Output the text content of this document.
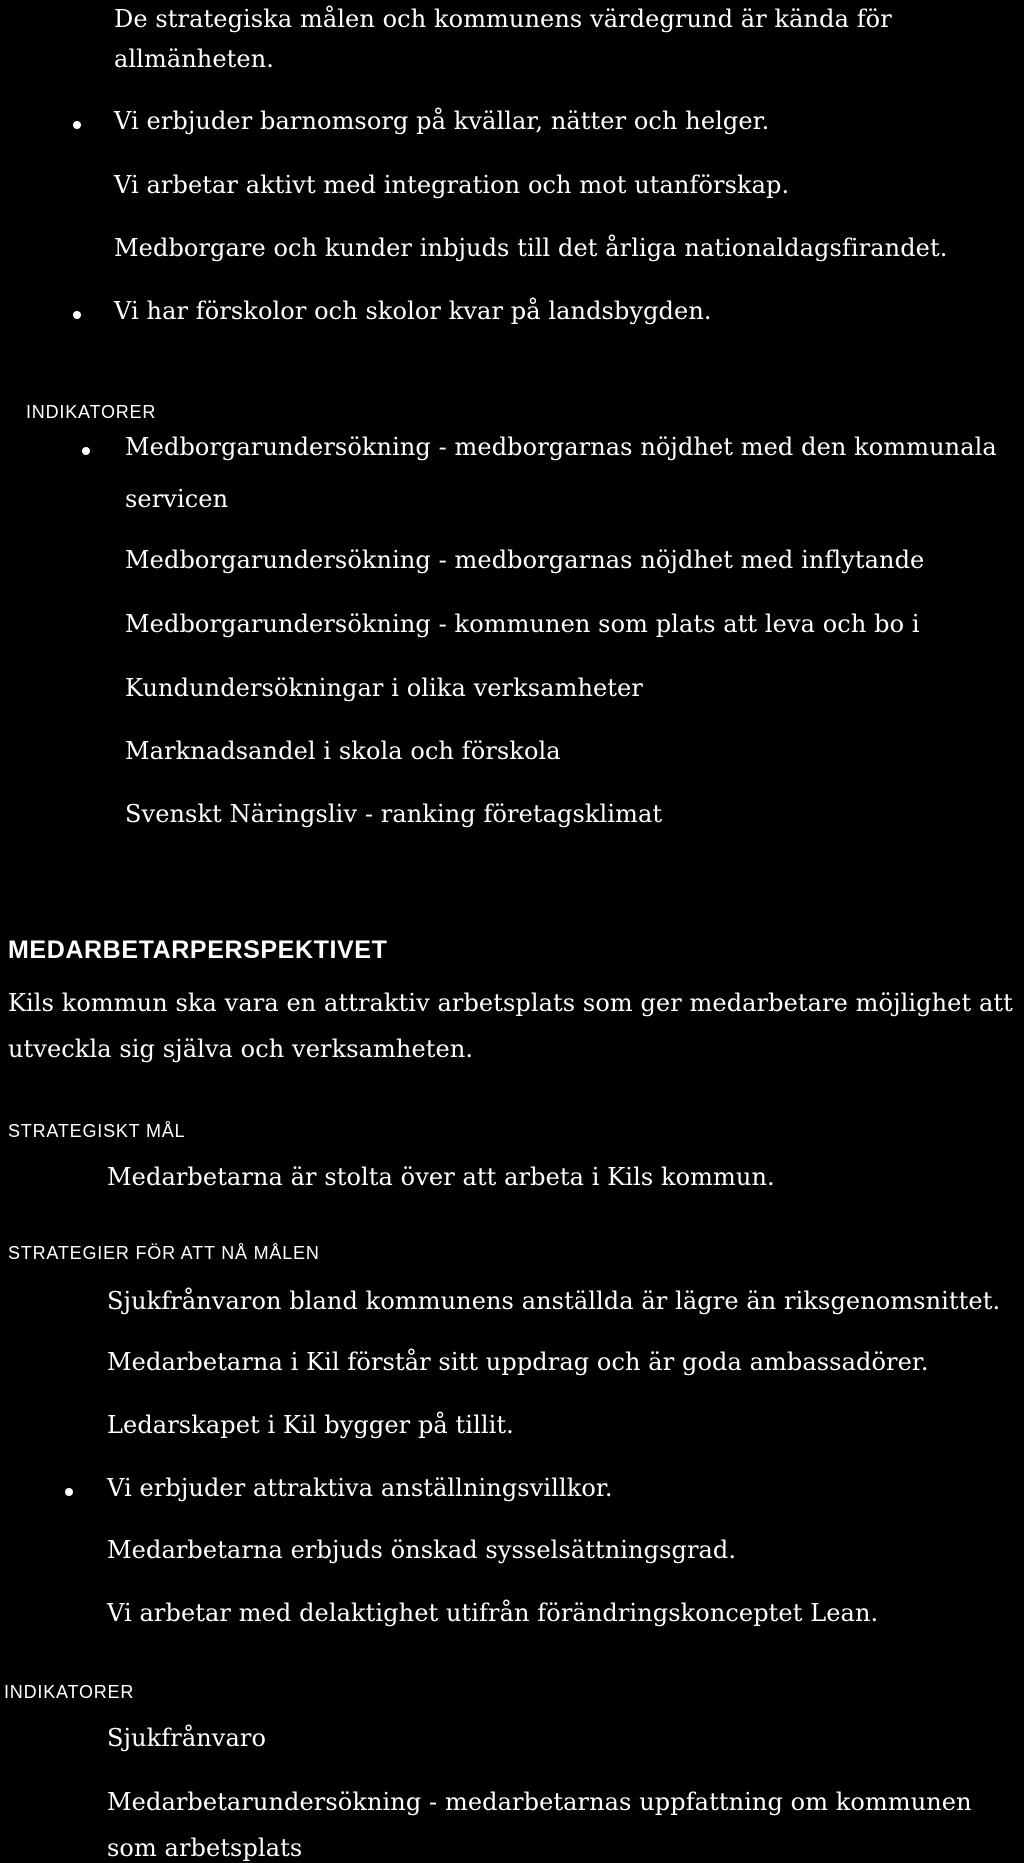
De strategiska målen och kommunens värdegrund är kända för
allmänheten.
Vi erbjuder barnomsorg på kvällar, nätter och helger.
Vi arbetar aktivt med integration och mot utanförskap.
Medborgare och kunder inbjuds till det årliga nationaldagsfirandet.
Vi har förskolor och skolor kvar på landsbygden.
INDIKATORER
Medborgarundersökning - medborgarnas nöjdhet med den kommunala
servicen
Medborgarundersökning - medborgarnas nöjdhet med inflytande
Medborgarundersökning - kommunen som plats att leva och bo i
Kundundersökningar i olika verksamheter
Marknadsandel i skola och förskola
Svenskt Näringsliv - ranking företagsklimat
MEDARBETARPERSPEKTIVET
Kils kommun ska vara en attraktiv arbetsplats som ger medarbetare möjlighet att
utveckla sig själva och verksamheten.
STRATEGISKT MÅL
Medarbetarna är stolta över att arbeta i Kils kommun.
STRATEGIER FÖR ATT NÅ MÅLEN
Sjukfrånvaron bland kommunens anställda är lägre än riksgenomsnittet.
Medarbetarna i Kil förstår sitt uppdrag och är goda ambassadörer.
Ledarskapet i Kil bygger på tillit.
Vi erbjuder attraktiva anställningsvillkor.
Medarbetarna erbjuds önskad sysselsättningsgrad.
Vi arbetar med delaktighet utifrån förändringskonceptet Lean.
INDIKATORER
Sjukfrånvaro
Medarbetarundersökning - medarbetarnas uppfattning om kommunen
som arbetsplats
